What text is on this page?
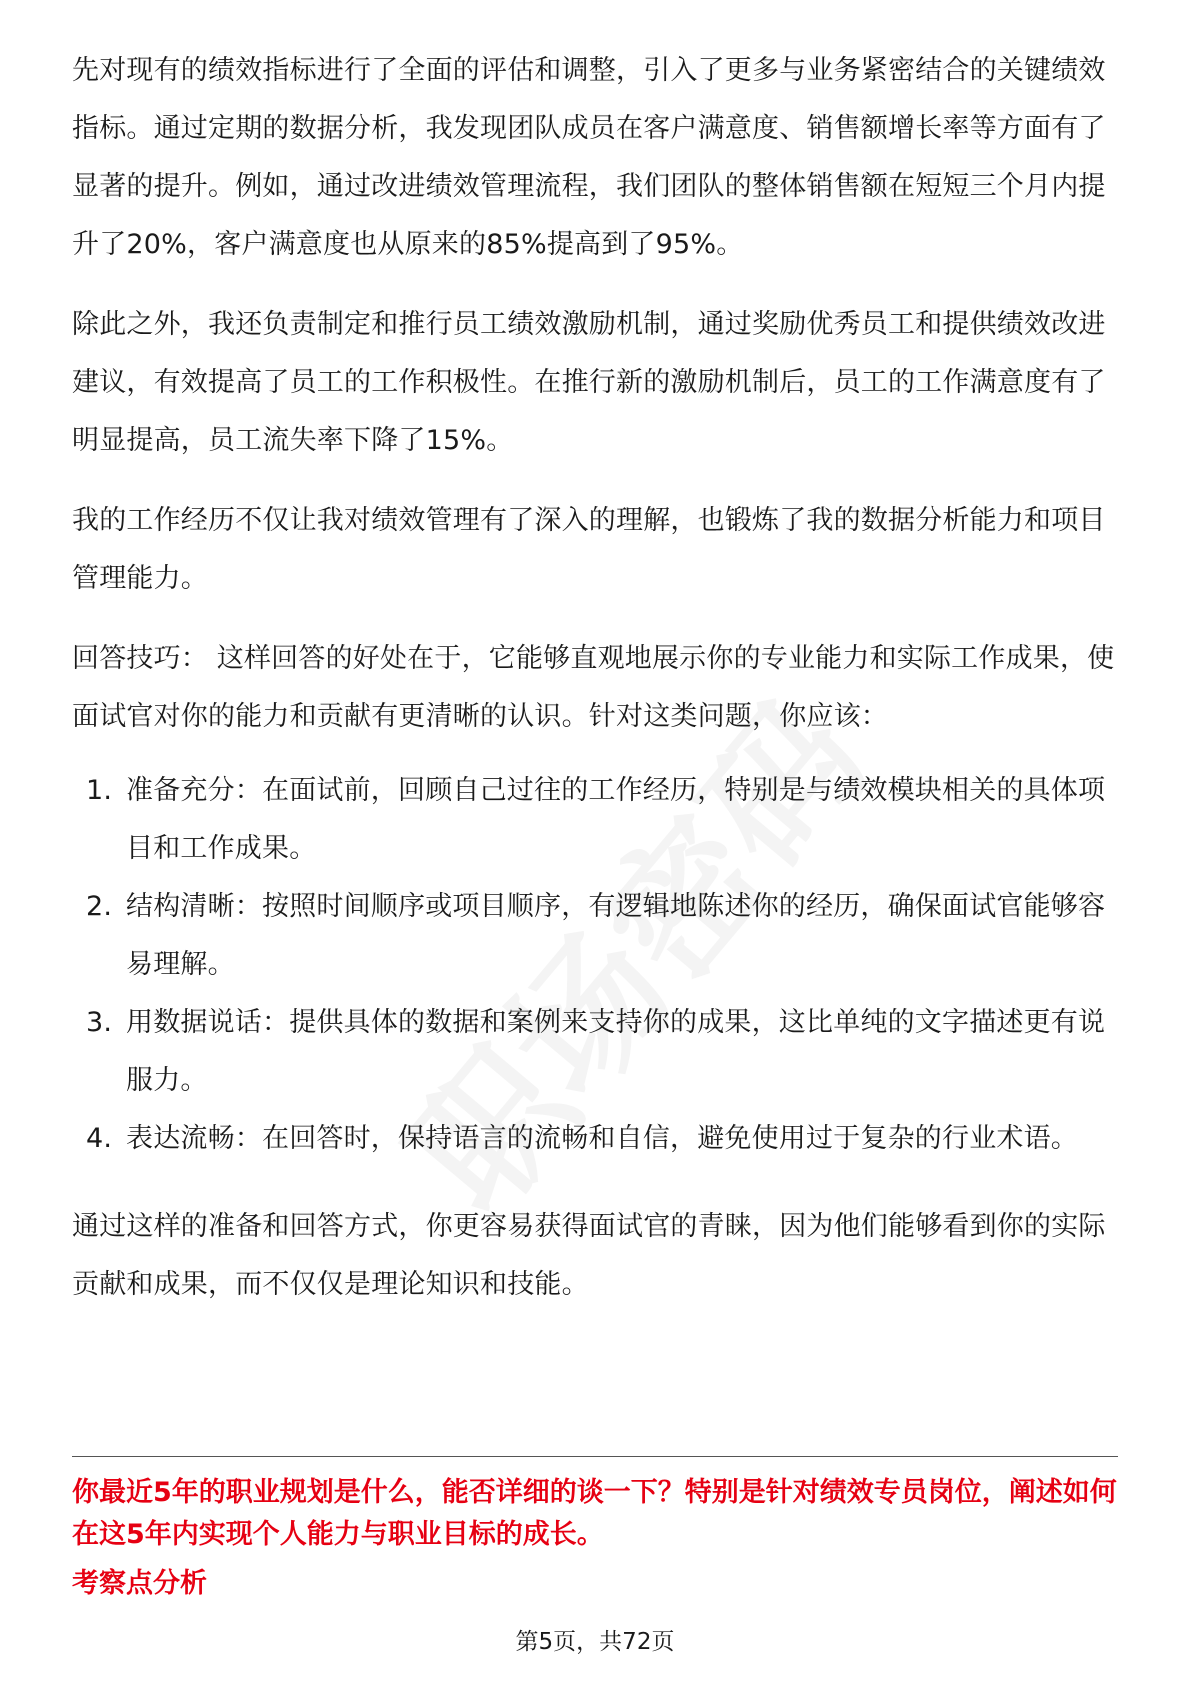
先对现有的绩效指标进行了全面的评估和调整，引入了更多与业务紧密结合的关键绩效指标。通过定期的数据分析，我发现团队成员在客户满意度、销售额增长率等方面有了显著的提升。例如，通过改进绩效管理流程，我们团队的整体销售额在短短三个月内提升了20%，客户满意度也从原来的85%提高到了95%。

除此之外，我还负责制定和推行员工绩效激励机制，通过奖励优秀员工和提供绩效改进建议，有效提高了员工的工作积极性。在推行新的激励机制后，员工的工作满意度有了明显提高，员工流失率下降了15%。

我的工作经历不仅让我对绩效管理有了深入的理解，也锻炼了我的数据分析能力和项目管理能力。

回答技巧： 这样回答的好处在于，它能够直观地展示你的专业能力和实际工作成果，使面试官对你的能力和贡献有更清晰的认识。针对这类问题，你应该：

1. 准备充分：在面试前，回顾自己过往的工作经历，特别是与绩效模块相关的具体项目和工作成果。
2. 结构清晰：按照时间顺序或项目顺序，有逻辑地陈述你的经历，确保面试官能够容易理解。
3. 用数据说话：提供具体的数据和案例来支持你的成果，这比单纯的文字描述更有说服力。
4. 表达流畅：在回答时，保持语言的流畅和自信，避免使用过于复杂的行业术语。

通过这样的准备和回答方式，你更容易获得面试官的青睐，因为他们能够看到你的实际贡献和成果，而不仅仅是理论知识和技能。

你最近5年的职业规划是什么，能否详细的谈一下？特别是针对绩效专员岗位，阐述如何在这5年内实现个人能力与职业目标的成长。
考察点分析
第5页，共72页
